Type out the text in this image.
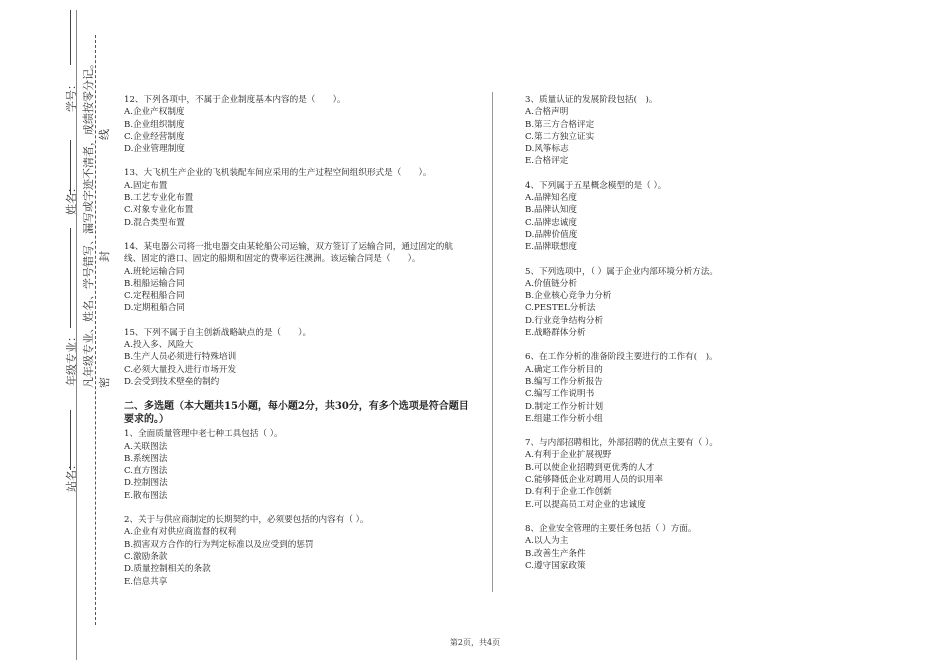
学号：
姓名：
年级专业：
站名：
凡年级专业、姓名、学号错写、漏写或字迹不清者，成绩按零分记。 线
封
密

12、下列各项中，不属于企业制度基本内容的是（　　）。

A.企业产权制度

B.企业组织制度

C.企业经营制度

D.企业管理制度

13、大飞机生产企业的飞机装配车间应采用的生产过程空间组织形式是（　　）。

A.固定布置

B.工艺专业化布置

C.对象专业化布置

D.混合类型布置

14、某电器公司将一批电器交由某轮船公司运输，双方签订了运输合同，通过固定的航线、固定的港口、固定的船期和固定的费率运往澳洲。该运输合同是（　　）。

A.班轮运输合同

B.租船运输合同

C.定程租船合同

D.定期租船合同

15、下列不属于自主创新战略缺点的是（　　）。

A.投入多、风险大

B.生产人员必须进行特殊培训

C.必须大量投入进行市场开发

D.会受到技术壁垒的制约

二、多选题（本大题共15小题，每小题2分，共30分，有多个选项是符合题目要求的。）

1、全面质量管理中老七种工具包括（ ）。

A.关联图法

B.系统图法

C.直方图法

D.控制图法

E.散布图法

2、关于与供应商制定的长期契约中，必须要包括的内容有（ ）。

A.企业有对供应商监督的权利

B.损害双方合作的行为判定标准以及应受到的惩罚

C.激励条款

D.质量控制相关的条款

E.信息共享

3、质量认证的发展阶段包括(　)。

A.合格声明

B.第三方合格评定

C.第二方独立证实

D.风筝标志

E.合格评定

4、下列属于五星概念模型的是（ ）。

A.品牌知名度

B.品牌认知度

C.品牌忠诚度

D.品牌价值度

E.品牌联想度

5、下列选项中，（ ）属于企业内部环境分析方法。

A.价值链分析

B.企业核心竞争力分析

C.PESTEL分析法

D.行业竞争结构分析

E.战略群体分析

6、在工作分析的准备阶段主要进行的工作有(　)。

A.确定工作分析目的

B.编写工作分析报告

C.编写工作说明书

D.制定工作分析计划

E.组建工作分析小组

7、与内部招聘相比，外部招聘的优点主要有（ ）。

A.有利于企业扩展视野

B.可以使企业招聘到更优秀的人才

C.能够降低企业对聘用人员的识用率

D.有利于企业工作创新

E.可以提高员工对企业的忠诚度

8、企业安全管理的主要任务包括（ ）方面。

A.以人为主

B.改善生产条件

C.遵守国家政策

第2页，共4页
